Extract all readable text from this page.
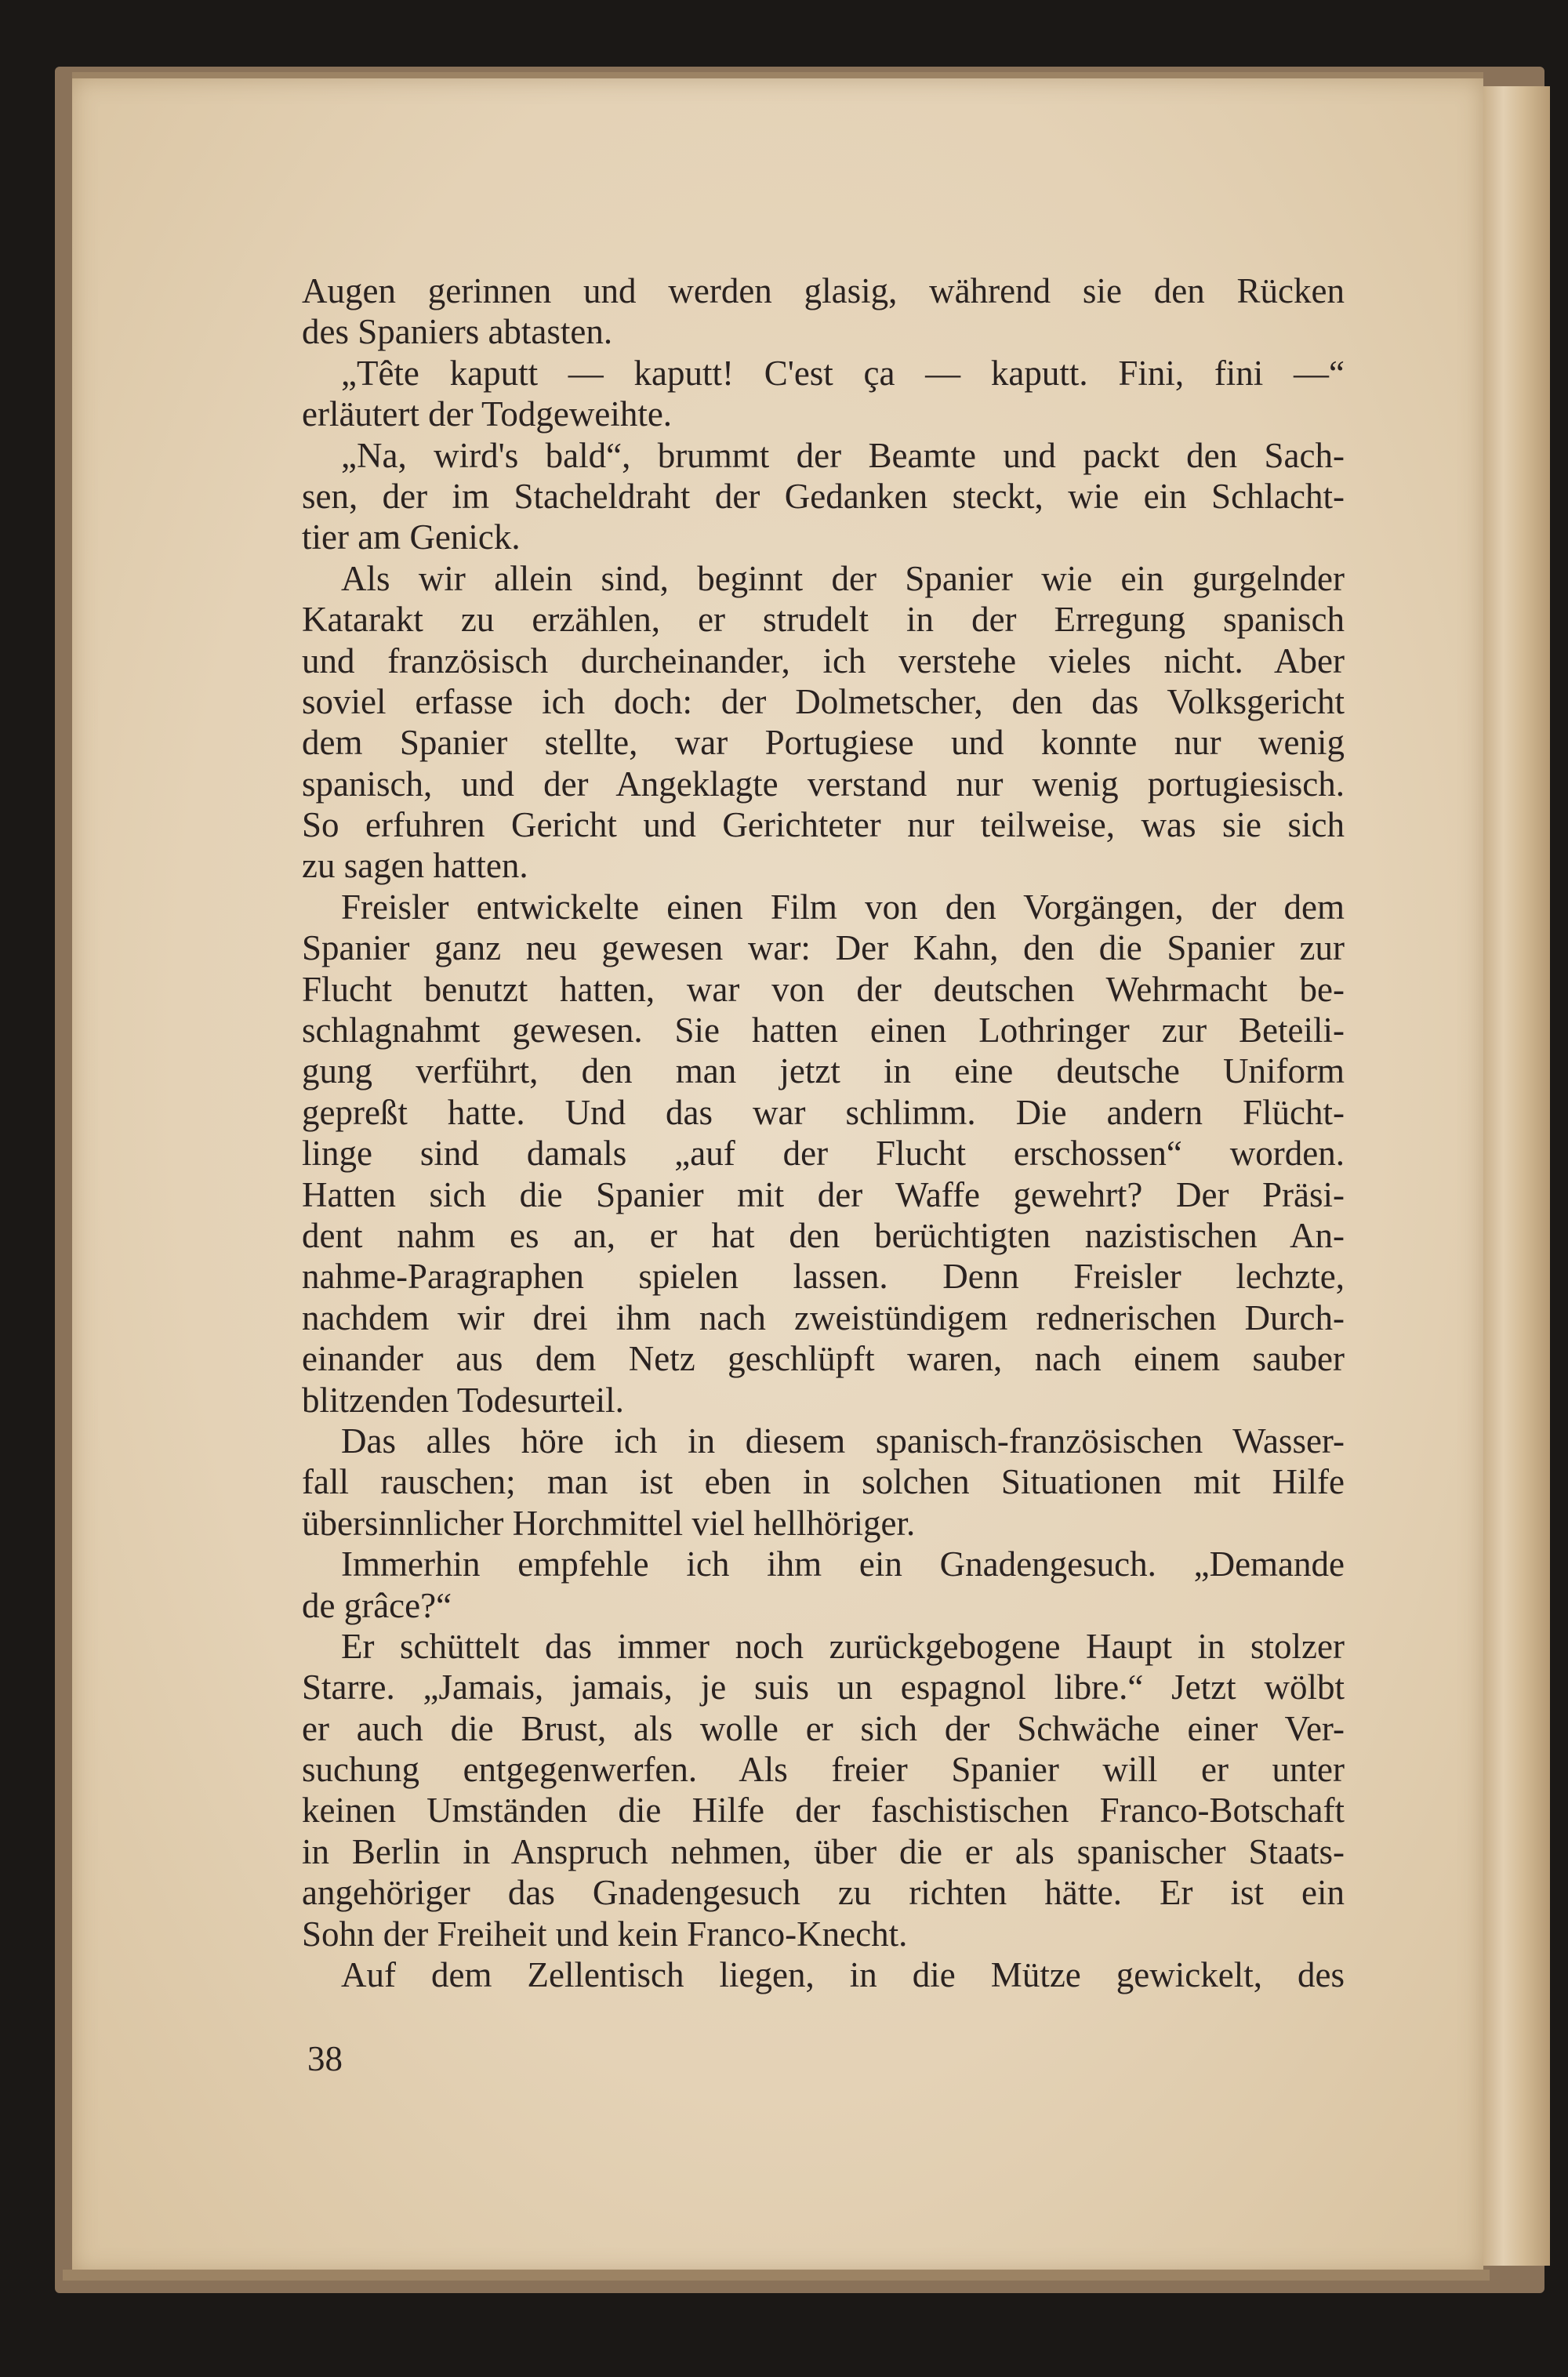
Augen gerinnen und werden glasig, während sie den Rücken
des Spaniers abtasten.
„Tête kaputt — kaputt! C'est ça — kaputt. Fini, fini —“
erläutert der Todgeweihte.
„Na, wird's bald“, brummt der Beamte und packt den Sach-
sen, der im Stacheldraht der Gedanken steckt, wie ein Schlacht-
tier am Genick.
Als wir allein sind, beginnt der Spanier wie ein gurgelnder
Katarakt zu erzählen, er strudelt in der Erregung spanisch
und französisch durcheinander, ich verstehe vieles nicht. Aber
soviel erfasse ich doch: der Dolmetscher, den das Volksgericht
dem Spanier stellte, war Portugiese und konnte nur wenig
spanisch, und der Angeklagte verstand nur wenig portugiesisch.
So erfuhren Gericht und Gerichteter nur teilweise, was sie sich
zu sagen hatten.
Freisler entwickelte einen Film von den Vorgängen, der dem
Spanier ganz neu gewesen war: Der Kahn, den die Spanier zur
Flucht benutzt hatten, war von der deutschen Wehrmacht be-
schlagnahmt gewesen. Sie hatten einen Lothringer zur Beteili-
gung verführt, den man jetzt in eine deutsche Uniform
gepreßt hatte. Und das war schlimm. Die andern Flücht-
linge sind damals „auf der Flucht erschossen“ worden.
Hatten sich die Spanier mit der Waffe gewehrt? Der Präsi-
dent nahm es an, er hat den berüchtigten nazistischen An-
nahme-Paragraphen spielen lassen. Denn Freisler lechzte,
nachdem wir drei ihm nach zweistündigem rednerischen Durch-
einander aus dem Netz geschlüpft waren, nach einem sauber
blitzenden Todesurteil.
Das alles höre ich in diesem spanisch-französischen Wasser-
fall rauschen; man ist eben in solchen Situationen mit Hilfe
übersinnlicher Horchmittel viel hellhöriger.
Immerhin empfehle ich ihm ein Gnadengesuch. „Demande
de grâce?“
Er schüttelt das immer noch zurückgebogene Haupt in stolzer
Starre. „Jamais, jamais, je suis un espagnol libre.“ Jetzt wölbt
er auch die Brust, als wolle er sich der Schwäche einer Ver-
suchung entgegenwerfen. Als freier Spanier will er unter
keinen Umständen die Hilfe der faschistischen Franco-Botschaft
in Berlin in Anspruch nehmen, über die er als spanischer Staats-
angehöriger das Gnadengesuch zu richten hätte. Er ist ein
Sohn der Freiheit und kein Franco-Knecht.
Auf dem Zellentisch liegen, in die Mütze gewickelt, des
38
